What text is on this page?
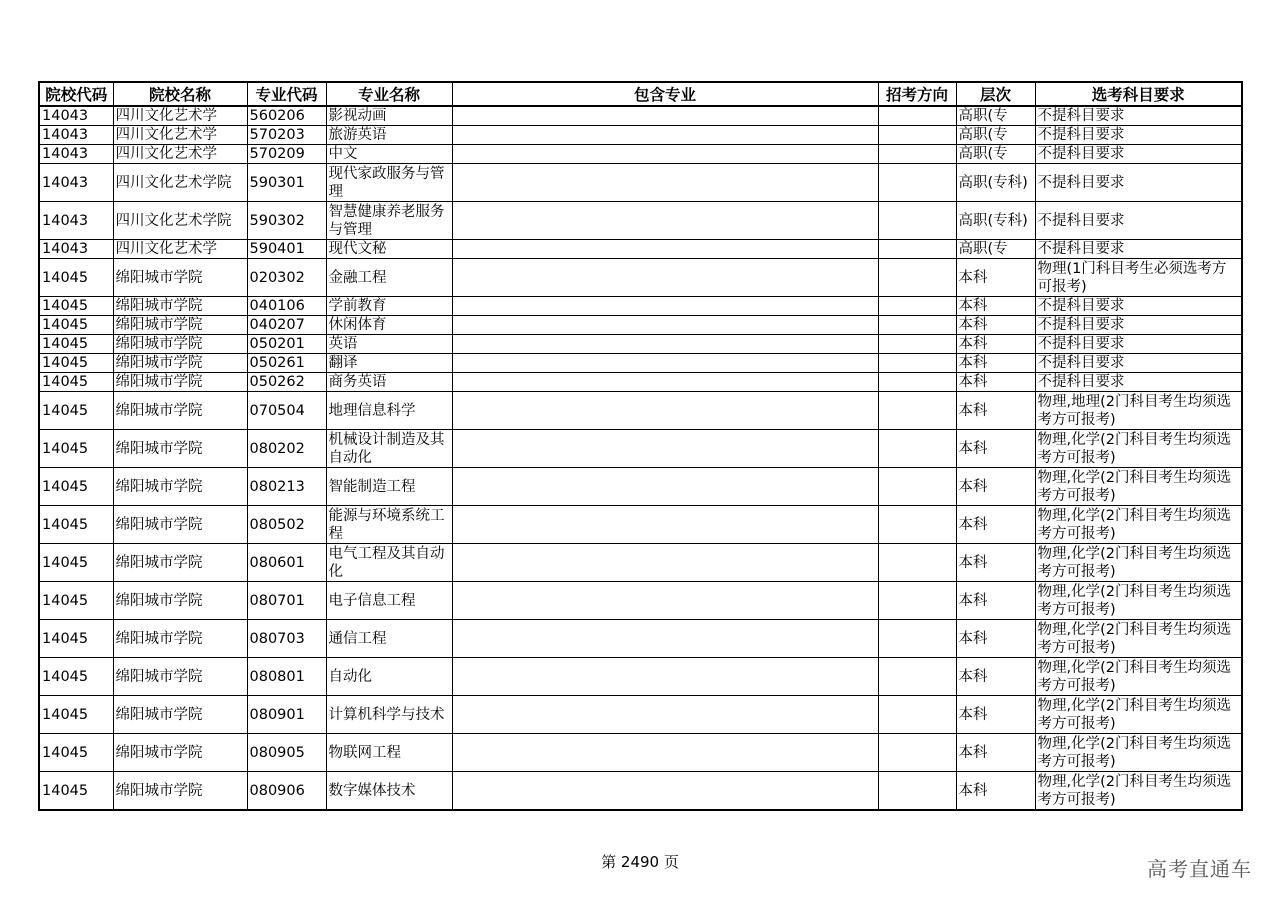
院校代码	院校名称	专业代码	专业名称	包含专业	招考方向	层次	选考科目要求
14043	四川文化艺术学	560206	影视动画			高职(专	不提科目要求
14043	四川文化艺术学	570203	旅游英语			高职(专	不提科目要求
14043	四川文化艺术学	570209	中文			高职(专	不提科目要求
14043	四川文化艺术学院	590301	现代家政服务与管理			高职(专科)	不提科目要求
14043	四川文化艺术学院	590302	智慧健康养老服务与管理			高职(专科)	不提科目要求
14043	四川文化艺术学	590401	现代文秘			高职(专	不提科目要求
14045	绵阳城市学院	020302	金融工程			本科	物理(1门科目考生必须选考方可报考)
14045	绵阳城市学院	040106	学前教育			本科	不提科目要求
14045	绵阳城市学院	040207	休闲体育			本科	不提科目要求
14045	绵阳城市学院	050201	英语			本科	不提科目要求
14045	绵阳城市学院	050261	翻译			本科	不提科目要求
14045	绵阳城市学院	050262	商务英语			本科	不提科目要求
14045	绵阳城市学院	070504	地理信息科学			本科	物理,地理(2门科目考生均须选考方可报考)
14045	绵阳城市学院	080202	机械设计制造及其自动化			本科	物理,化学(2门科目考生均须选考方可报考)
14045	绵阳城市学院	080213	智能制造工程			本科	物理,化学(2门科目考生均须选考方可报考)
14045	绵阳城市学院	080502	能源与环境系统工程			本科	物理,化学(2门科目考生均须选考方可报考)
14045	绵阳城市学院	080601	电气工程及其自动化			本科	物理,化学(2门科目考生均须选考方可报考)
14045	绵阳城市学院	080701	电子信息工程			本科	物理,化学(2门科目考生均须选考方可报考)
14045	绵阳城市学院	080703	通信工程			本科	物理,化学(2门科目考生均须选考方可报考)
14045	绵阳城市学院	080801	自动化			本科	物理,化学(2门科目考生均须选考方可报考)
14045	绵阳城市学院	080901	计算机科学与技术			本科	物理,化学(2门科目考生均须选考方可报考)
14045	绵阳城市学院	080905	物联网工程			本科	物理,化学(2门科目考生均须选考方可报考)
14045	绵阳城市学院	080906	数字媒体技术			本科	物理,化学(2门科目考生均须选考方可报考)
第 2490 页	高考直通车
